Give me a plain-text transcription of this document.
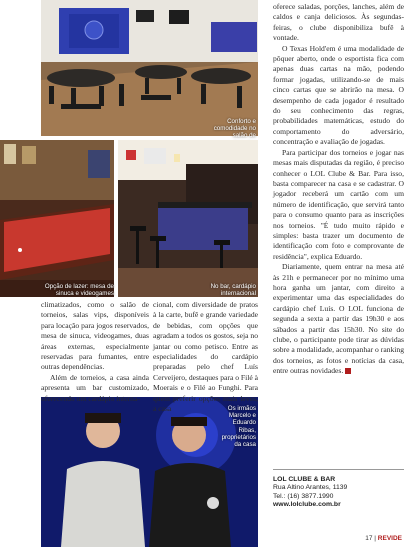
Conforto e comodidade no salão de
Opção de lazer: mesa de sinuca e videogames
No bar, cardápio internacional
Os irmãos Marcelo e Eduardo Ribas, proprietários da casa

climatizados, como o salão de torneios, salas vips, disponíveis para locação para jogos reservados, mesa de sinuca, videogames, duas áreas externas, especialmente reservadas para fumantes, entre outras dependências.

Além de torneios, a casa ainda apresenta um bar customizado, oferecendo um cardápio interna-

cional, com diversidade de pratos à la carte, bufê e grande variedade de bebidas, com opções que agradam a todos os gostos, seja no jantar ou como petisco. Entre as especialidades do cardápio preparadas pelo chef Luís Cerveijero, destaques para o Filé à Moerais e o Filé ao Funghi. Para quem preferir opções mais leves, a casa

oferece saladas, porções, lanches, além de caldos e canja deliciosos. Às segundas-feiras, o clube disponibiliza bufê à vontade.

O Texas Hold'em é uma modalidade de pôquer aberto, onde o esportista fica com apenas duas cartas na mão, podendo formar jogadas, utilizando-se de mais cinco cartas que se abrirão na mesa. O desempenho de cada jogador é resultado do seu conhecimento das regras, probabilidades matemáticas, estudo do comportamento do adversário, concentração e avaliação de jogadas.

Para participar dos torneios e jogar nas mesas mais disputadas da região, é preciso conhecer o LOL Clube & Bar. Para isso, basta comparecer na casa e se cadastrar. O jogador receberá um cartão com um número de identificação, que servirá tanto para o consumo quanto para as inscrições nos torneios. "É tudo muito rápido e simples: basta trazer um documento de identificação com foto e comprovante de residência", explica Eduardo.

Diariamente, quem entrar na mesa até às 21h e permanecer por no mínimo uma hora ganha um jantar, com direito a experimentar uma das especialidades do cardápio chef Luís. O LOL funciona de segunda a sexta a partir das 19h30 e aos sábados a partir das 15h30. No site do clube, o participante pode tirar as dúvidas sobre a modalidade, acompanhar o ranking dos torneios, as fotos e notícias da casa, entre outras novidades.

LOL CLUBE & BAR
Rua Altino Arantes, 1139
Tel.: (16) 3877.1990
www.lolclube.com.br
17 | REVIDE
